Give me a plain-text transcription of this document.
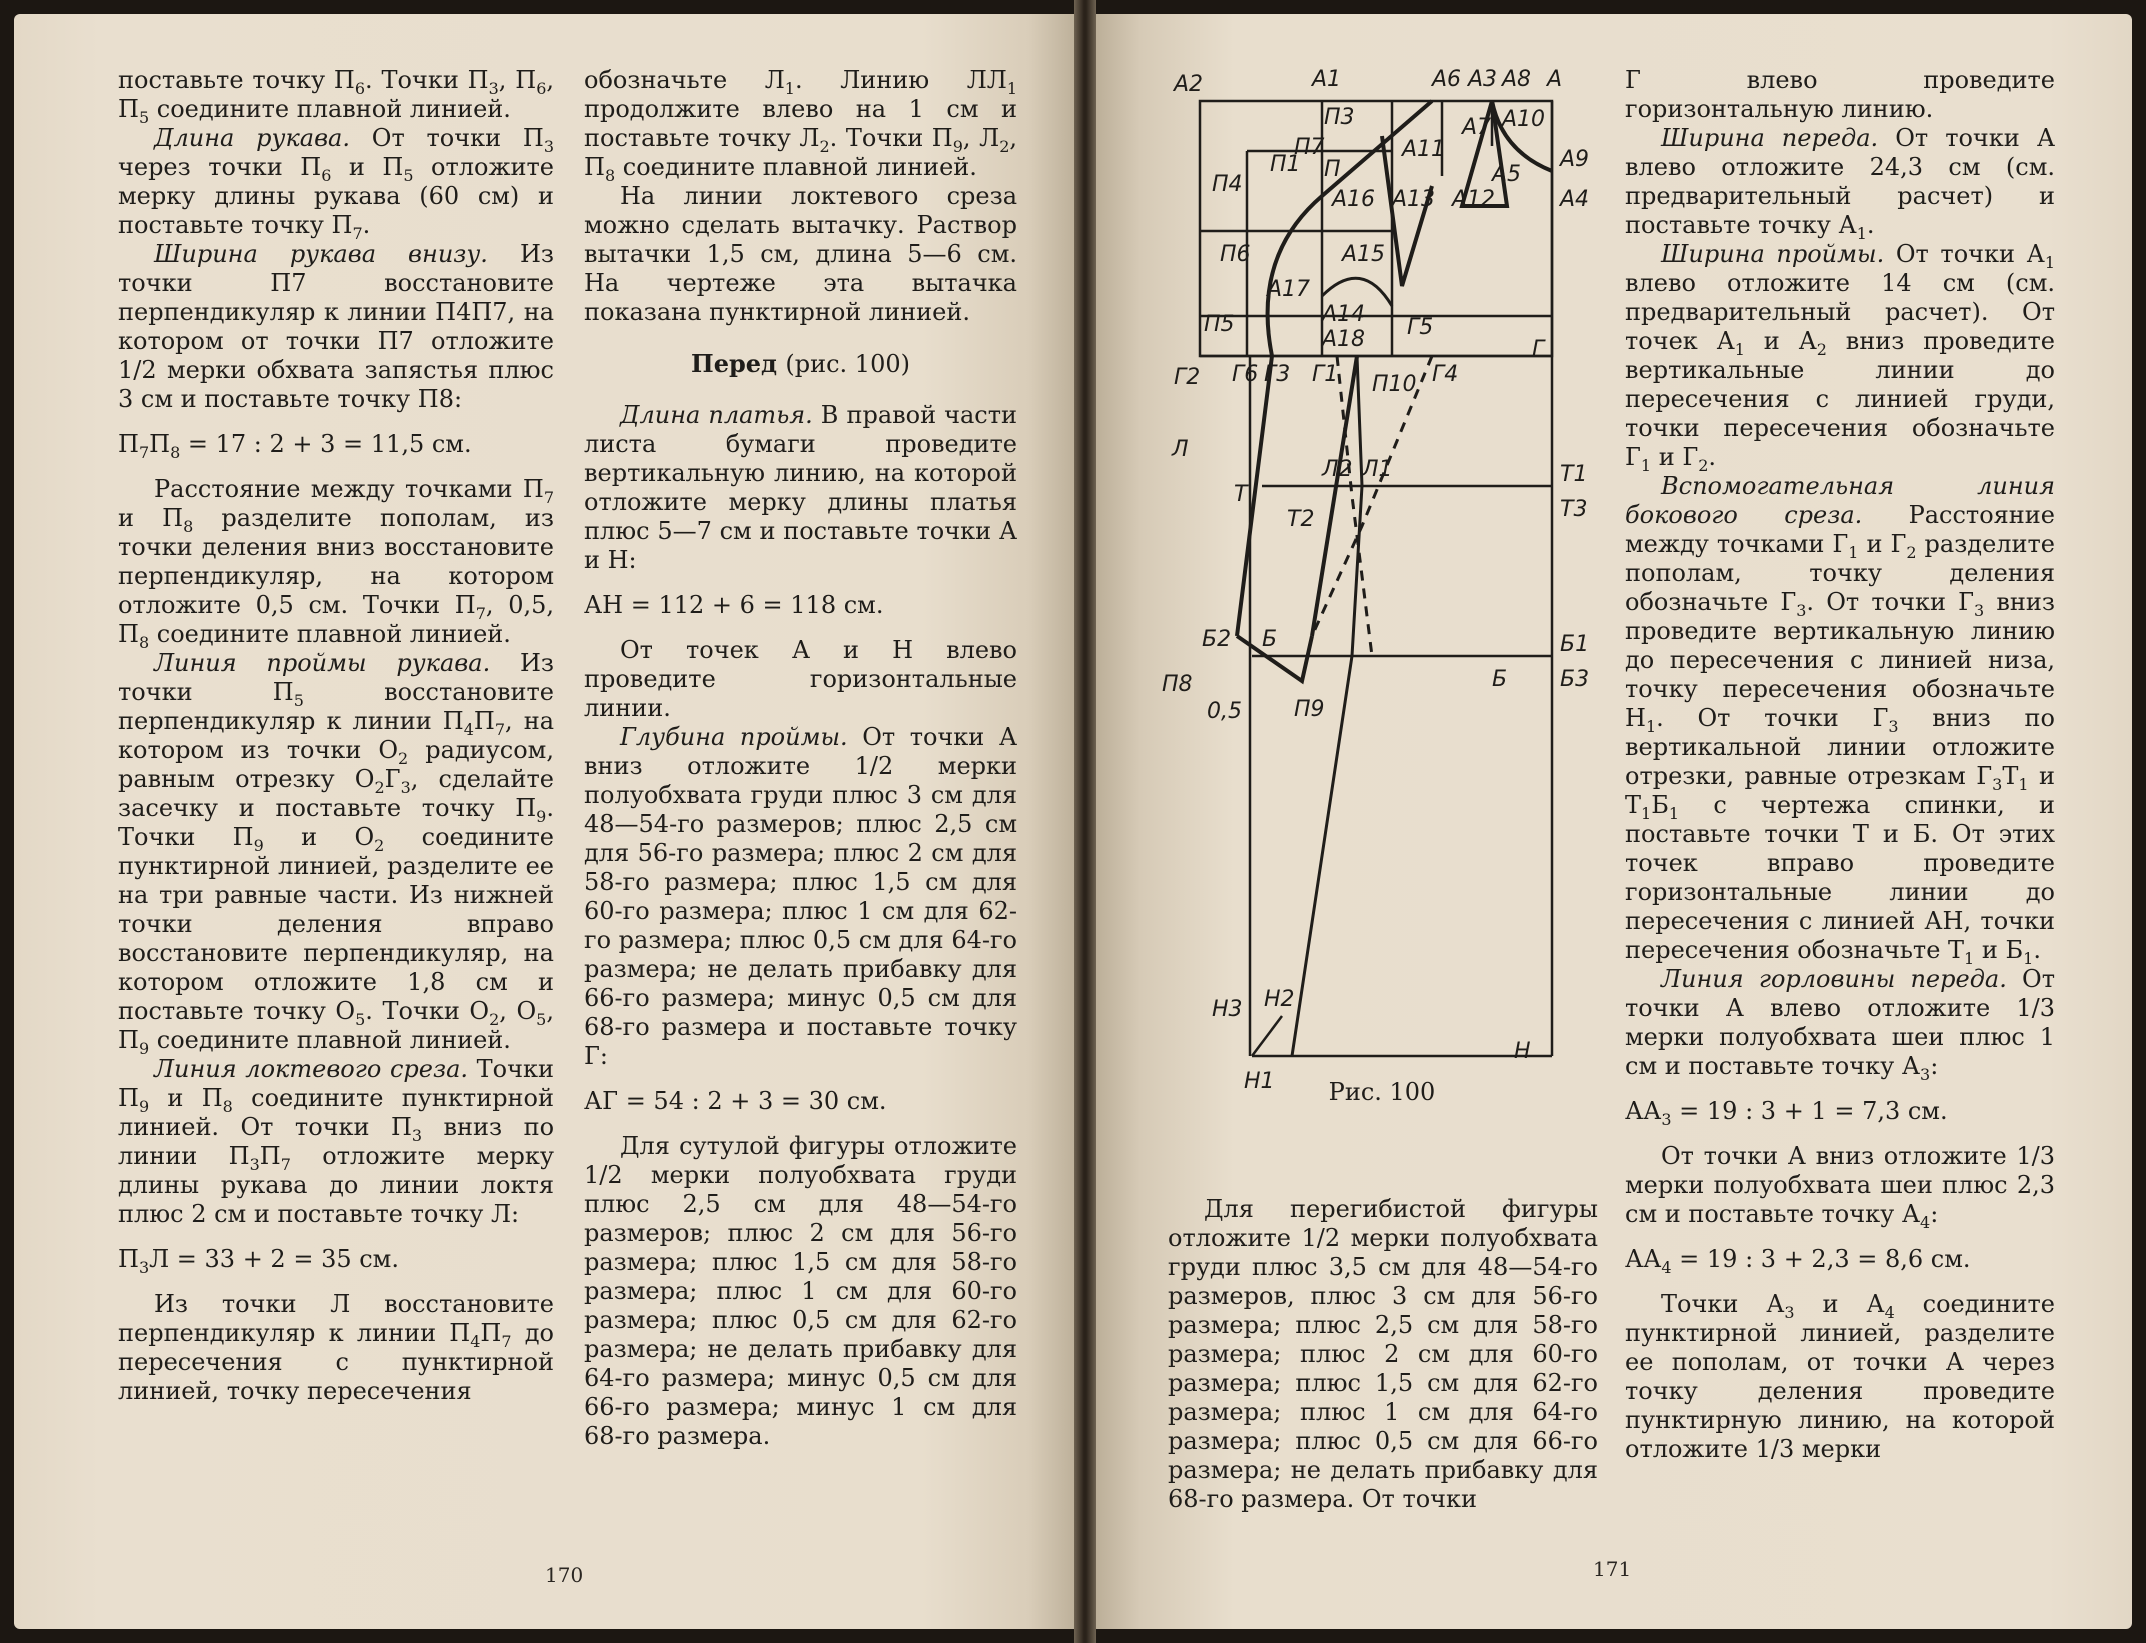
поставьте точку $П_6$. Точки $П_3$, $П_6$, $П_5$ соедините плавной линией.

Длина рукава. От точки $П_3$ через точки $П_6$ и $П_5$ отложите мерку длины рукава (60 см) и поставьте точку $П_7$.

Ширина рукава внизу. Из точки П7 восстановите перпендикуляр к линии П4П7, на котором от точки П7 отложите 1/2 мерки обхвата запястья плюс 3 см и поставьте точку П8:

$П_7П_8 = 17$ : 2 + 3 = 11,5 см.

Расстояние между точками $П_7$ и $П_8$ разделите пополам, из точки деления вниз восстановите перпендикуляр, на котором отложите 0,5 см. Точки $П_7$, 0,5, $П_8$ соедините плавной линией.

Линия проймы рукава. Из точки $П_5$ восстановите перпендикуляр к линии $П_4П_7$, на котором из точки $О_2$ радиусом, равным отрезку $О_2Г_3$, сделайте засечку и поставьте точку $П_9$. Точки $П_9$ и $О_2$ соедините пунктирной линией, разделите ее на три равные части. Из нижней точки деления вправо восстановите перпендикуляр, на котором отложите 1,8 см и поставьте точку $О_5$. Точки $О_2$, $О_5$, $П_9$ соедините плавной линией.

Линия локтевого среза. Точки $П_9$ и $П_8$ соедините пунктирной линией. От точки $П_3$ вниз по линии $П_3П_7$ отложите мерку длины рукава до линии локтя плюс 2 см и поставьте точку Л:

$П_3Л = 33 + 2 = 35$ см.

Из точки Л восстановите перпендикуляр к линии $П_4П_7$ до пересечения с пунктирной линией, точку пересечения

обозначьте $Л_1$. Линию $ЛЛ_1$ продолжите влево на 1 см и поставьте точку $Л_2$. Точки $П_9$, $Л_2$, $П_8$ соедините плавной линией.

На линии локтевого среза можно сделать вытачку. Раствор вытачки 1,5 см, длина 5—6 см. На чертеже эта вытачка показана пунктирной линией.

Перед (рис. 100)

Длина платья. В правой части листа бумаги проведите вертикальную линию, на которой отложите мерку длины платья плюс 5—7 см и поставьте точки А и Н:

АН = 112 + 6 = 118 см.

От точек А и Н влево проведите горизонтальные линии.

Глубина проймы. От точки А вниз отложите 1/2 мерки полуобхвата груди плюс 3 см для 48—54-го размеров; плюс 2,5 см для 56-го размера; плюс 2 см для 58-го размера; плюс 1,5 см для 60-го размера; плюс 1 см для 62-го размера; плюс 0,5 см для 64-го размера; не делать прибавку для 66-го размера; минус 0,5 см для 68-го размера и поставьте точку Г:

АГ = 54 : 2 + 3 = 30 см.

Для сутулой фигуры отложите 1/2 мерки полуобхвата груди плюс 2,5 см для 48—54-го размеров; плюс 2 см для 56-го размера; плюс 1,5 см для 58-го размера; плюс 1 см для 60-го размера; плюс 0,5 см для 62-го размера; не делать прибавку для 64-го размера; минус 0,5 см для 66-го размера; минус 1 см для 68-го размера.

170
А2	А1	А6 А3 А8 А
А10
А9
А4
А5
А7
А11
А12
А13
А16
А15
А17
А14
А18
П3
П7
П1 П
П4
П6
П5	Г5
Г
Г2 Г6 Г3 Г1 П10 Г4
Л
Л2 Л1	Т1
Т
Т2	Т3
Б2 Б	Б1
П8
П9
Б Б3
0,5
Н3 Н2
Н1
Н
Рис. 100

Для перегибистой фигуры отложите 1/2 мерки полуобхвата груди плюс 3,5 см для 48—54-го размеров, плюс 3 см для 56-го размера; плюс 2,5 см для 58-го размера; плюс 2 см для 60-го размера; плюс 1,5 см для 62-го размера; плюс 1 см для 64-го размера; плюс 0,5 см для 66-го размера; не делать прибавку для 68-го размера. От точки

Г влево проведите горизонтальную линию.

Ширина переда. От точки А влево отложите 24,3 см (см. предварительный расчет) и поставьте точку $А_1$.

Ширина проймы. От точки $А_1$ влево отложите 14 см (см. предварительный расчет). От точек $А_1$ и $А_2$ вниз проведите вертикальные линии до пересечения с линией груди, точки пересечения обозначьте $Г_1$ и $Г_2$.

Вспомогательная линия бокового среза. Расстояние между точками $Г_1$ и $Г_2$ разделите пополам, точку деления обозначьте $Г_3$. От точки $Г_3$ вниз проведите вертикальную линию до пересечения с линией низа, точку пересечения обозначьте $Н_1$. От точки $Г_3$ вниз по вертикальной линии отложите отрезки, равные отрезкам $Г_3Т_1$ и $Т_1Б_1$ с чертежа спинки, и поставьте точки Т и Б. От этих точек вправо проведите горизонтальные линии до пересечения с линией АН, точки пересечения обозначьте $Т_1$ и $Б_1$.

Линия горловины переда. От точки А влево отложите 1/3 мерки полуобхвата шеи плюс 1 см и поставьте точку $А_3$:

$АА_3 = 19$ : 3 + 1 = 7,3 см.

От точки А вниз отложите 1/3 мерки полуобхвата шеи плюс 2,3 см и поставьте точку $А_4$:

$АА_4 = 19$ : 3 + 2,3 = 8,6 см.

Точки $А_3$ и $А_4$ соедините пунктирной линией, разделите ее пополам, от точки А через точку деления проведите пунктирную линию, на которой отложите 1/3 мерки

171
